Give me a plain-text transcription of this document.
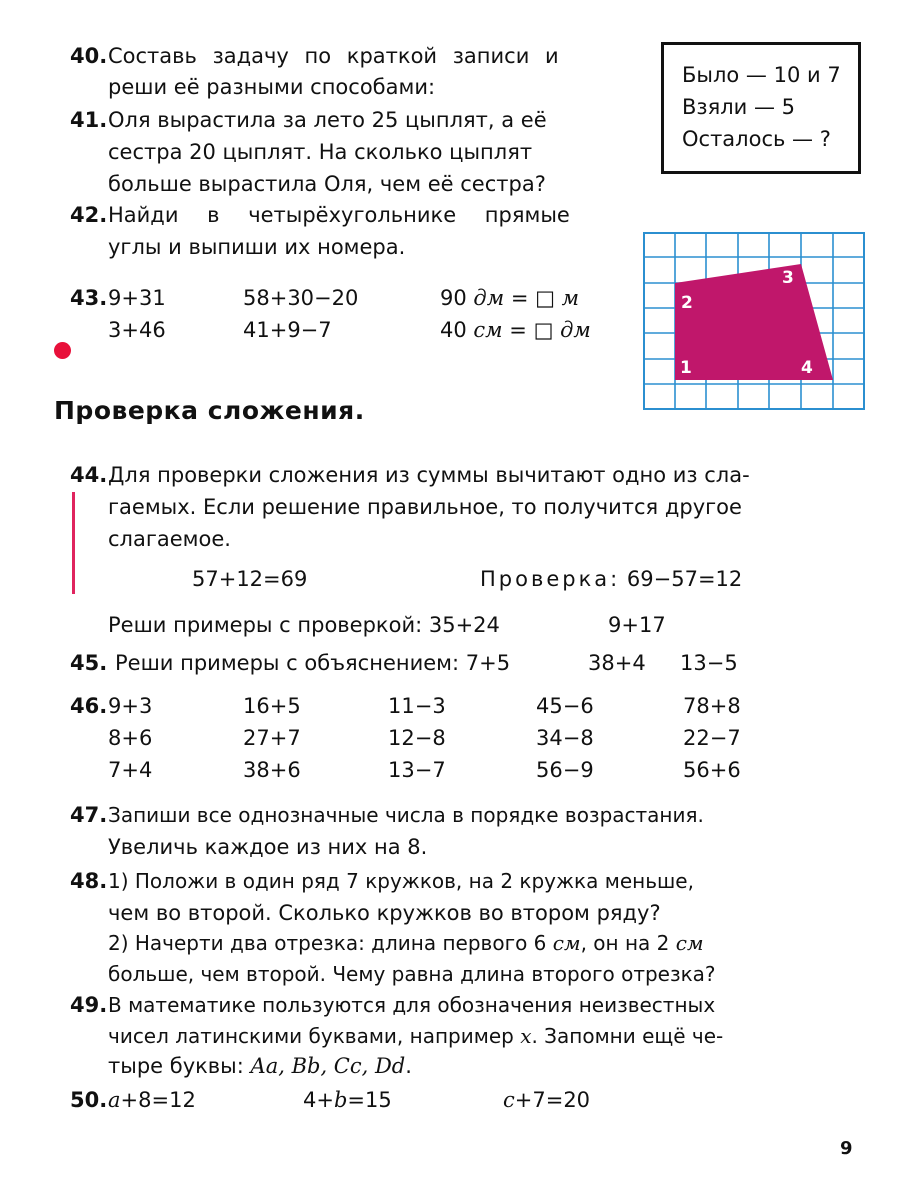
40. Составь задачу по краткой записи и
реши её разными способами:	Было — 10 и 7
Взяли — 5
Осталось — ?
41. Оля вырастила за лето 25 цыплят, а её
сестра 20 цыплят. На сколько цыплят
больше вырастила Оля, чем её сестра?
42. Найди в четырёхугольнике прямые
углы и выпиши их номера.
43. 9+31	58+30−20	90 дм = □ м
3+46	41+9−7	40 см = □ дм
1
2
3
4
Проверка сложения.
44. Для проверки сложения из суммы вычитают одно из сла-
гаемых. Если решение правильное, то получится другое
слагаемое.
57+12=69	Проверка: 69−57=12
Реши примеры с проверкой: 35+24	9+17
45. Реши примеры с объяснением: 7+5	38+4 13−5
46. 9+3	16+5	11−3	45−6	78+8
8+6	27+7	12−8	34−8	22−7
7+4	38+6	13−7	56−9	56+6
47. Запиши все однозначные числа в порядке возрастания.
Увеличь каждое из них на 8.
48. 1) Положи в один ряд 7 кружков, на 2 кружка меньше,
чем во второй. Сколько кружков во втором ряду?
2) Начерти два отрезка: длина первого 6 см, он на 2 см
больше, чем второй. Чему равна длина второго отрезка?
49. В математике пользуются для обозначения неизвестных
чисел латинскими буквами, например x. Запомни ещё че-
тыре буквы: Aa, Bb, Cc, Dd.
50. a+8=12	4+b=15	c+7=20
9
